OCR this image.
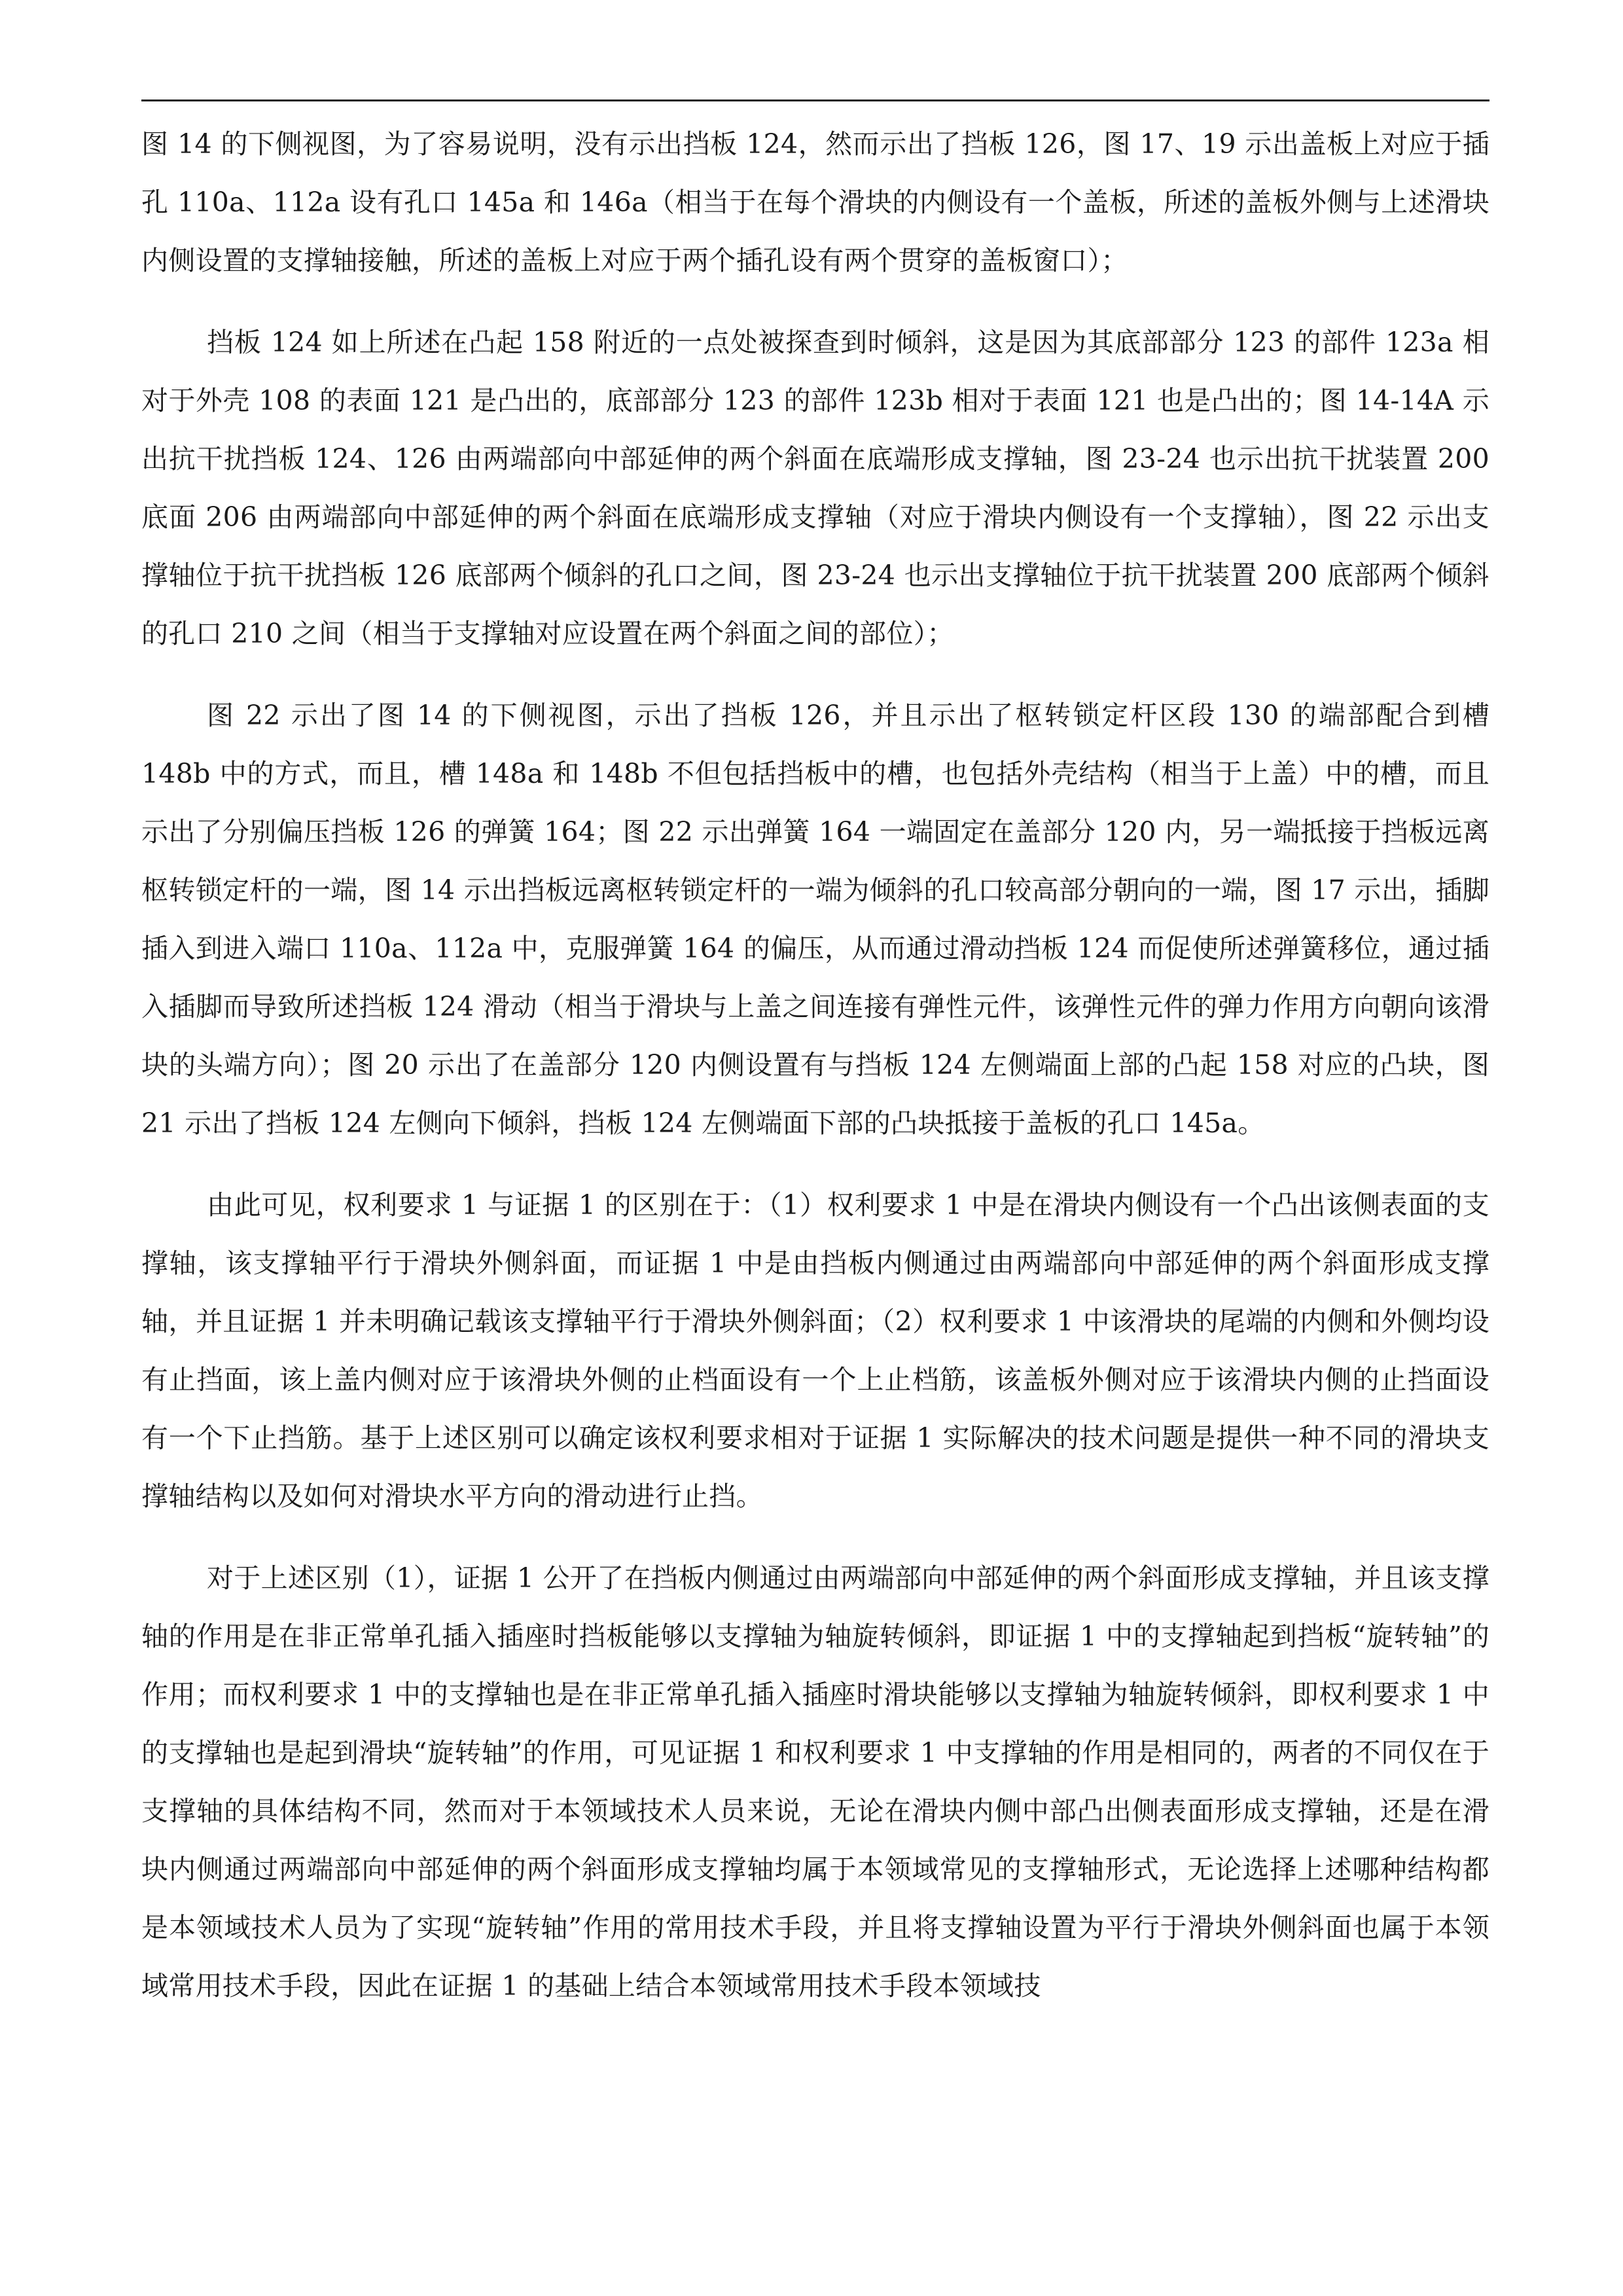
图 14 的下侧视图，为了容易说明，没有示出挡板 124，然而示出了挡板 126，图 17、19 示出盖板上对应于插孔 110a、112a 设有孔口 145a 和 146a（相当于在每个滑块的内侧设有一个盖板，所述的盖板外侧与上述滑块内侧设置的支撑轴接触，所述的盖板上对应于两个插孔设有两个贯穿的盖板窗口）；

挡板 124 如上所述在凸起 158 附近的一点处被探查到时倾斜，这是因为其底部部分 123 的部件 123a 相对于外壳 108 的表面 121 是凸出的，底部部分 123 的部件 123b 相对于表面 121 也是凸出的；图 14-14A 示出抗干扰挡板 124、126 由两端部向中部延伸的两个斜面在底端形成支撑轴，图 23-24 也示出抗干扰装置 200 底面 206 由两端部向中部延伸的两个斜面在底端形成支撑轴（对应于滑块内侧设有一个支撑轴），图 22 示出支撑轴位于抗干扰挡板 126 底部两个倾斜的孔口之间，图 23-24 也示出支撑轴位于抗干扰装置 200 底部两个倾斜的孔口 210 之间（相当于支撑轴对应设置在两个斜面之间的部位）；

图 22 示出了图 14 的下侧视图，示出了挡板 126，并且示出了枢转锁定杆区段 130 的端部配合到槽 148b 中的方式，而且，槽 148a 和 148b 不但包括挡板中的槽，也包括外壳结构（相当于上盖）中的槽，而且示出了分别偏压挡板 126 的弹簧 164；图 22 示出弹簧 164 一端固定在盖部分 120 内，另一端抵接于挡板远离枢转锁定杆的一端，图 14 示出挡板远离枢转锁定杆的一端为倾斜的孔口较高部分朝向的一端，图 17 示出，插脚插入到进入端口 110a、112a 中，克服弹簧 164 的偏压，从而通过滑动挡板 124 而促使所述弹簧移位，通过插入插脚而导致所述挡板 124 滑动（相当于滑块与上盖之间连接有弹性元件，该弹性元件的弹力作用方向朝向该滑块的头端方向）；图 20 示出了在盖部分 120 内侧设置有与挡板 124 左侧端面上部的凸起 158 对应的凸块，图 21 示出了挡板 124 左侧向下倾斜，挡板 124 左侧端面下部的凸块抵接于盖板的孔口 145a。

由此可见，权利要求 1 与证据 1 的区别在于：（1）权利要求 1 中是在滑块内侧设有一个凸出该侧表面的支撑轴，该支撑轴平行于滑块外侧斜面，而证据 1 中是由挡板内侧通过由两端部向中部延伸的两个斜面形成支撑轴，并且证据 1 并未明确记载该支撑轴平行于滑块外侧斜面；（2）权利要求 1 中该滑块的尾端的内侧和外侧均设有止挡面，该上盖内侧对应于该滑块外侧的止档面设有一个上止档筋，该盖板外侧对应于该滑块内侧的止挡面设有一个下止挡筋。基于上述区别可以确定该权利要求相对于证据 1 实际解决的技术问题是提供一种不同的滑块支撑轴结构以及如何对滑块水平方向的滑动进行止挡。

对于上述区别（1），证据 1 公开了在挡板内侧通过由两端部向中部延伸的两个斜面形成支撑轴，并且该支撑轴的作用是在非正常单孔插入插座时挡板能够以支撑轴为轴旋转倾斜，即证据 1 中的支撑轴起到挡板“旋转轴”的作用；而权利要求 1 中的支撑轴也是在非正常单孔插入插座时滑块能够以支撑轴为轴旋转倾斜，即权利要求 1 中的支撑轴也是起到滑块“旋转轴”的作用，可见证据 1 和权利要求 1 中支撑轴的作用是相同的，两者的不同仅在于支撑轴的具体结构不同，然而对于本领域技术人员来说，无论在滑块内侧中部凸出侧表面形成支撑轴，还是在滑块内侧通过两端部向中部延伸的两个斜面形成支撑轴均属于本领域常见的支撑轴形式，无论选择上述哪种结构都是本领域技术人员为了实现“旋转轴”作用的常用技术手段，并且将支撑轴设置为平行于滑块外侧斜面也属于本领域常用技术手段，因此在证据 1 的基础上结合本领域常用技术手段本领域技
